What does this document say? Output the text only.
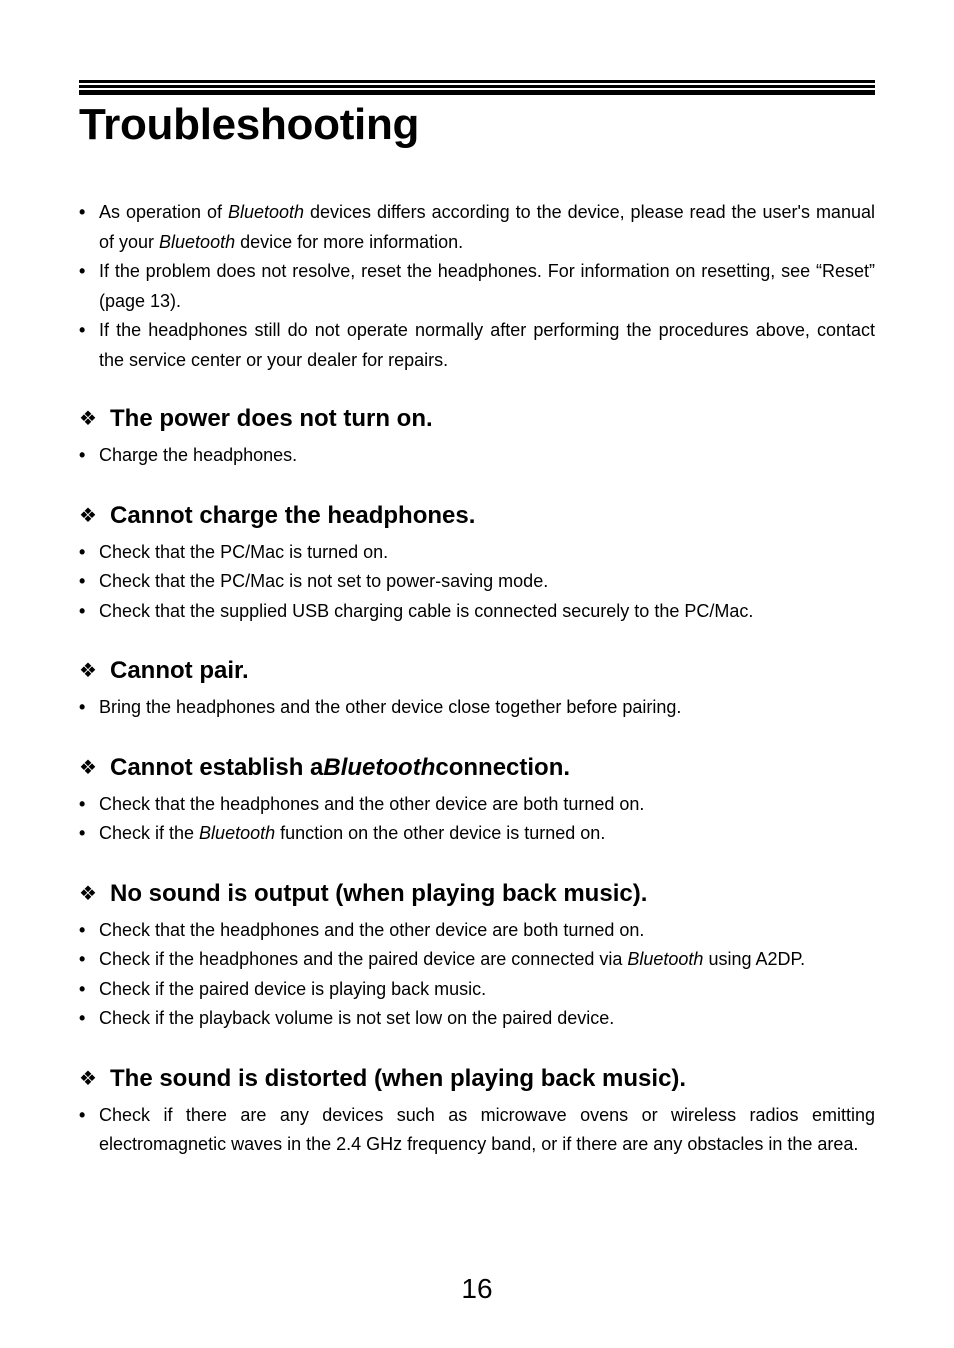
Troubleshooting
• As operation of Bluetooth devices differs according to the device, please read the user's manual of your Bluetooth device for more information.
• If the problem does not resolve, reset the headphones. For information on resetting, see “Reset” (page 13).
• If the headphones still do not operate normally after performing the procedures above, contact the service center or your dealer for repairs.
❖ The power does not turn on.
• Charge the headphones.
❖ Cannot charge the headphones.
• Check that the PC/Mac is turned on.
• Check that the PC/Mac is not set to power-saving mode.
• Check that the supplied USB charging cable is connected securely to the PC/Mac.
❖ Cannot pair.
• Bring the headphones and the other device close together before pairing.
❖ Cannot establish a Bluetooth connection.
• Check that the headphones and the other device are both turned on.
• Check if the Bluetooth function on the other device is turned on.
❖ No sound is output (when playing back music).
• Check that the headphones and the other device are both turned on.
• Check if the headphones and the paired device are connected via Bluetooth using A2DP.
• Check if the paired device is playing back music.
• Check if the playback volume is not set low on the paired device.
❖ The sound is distorted (when playing back music).
• Check if there are any devices such as microwave ovens or wireless radios emitting electromagnetic waves in the 2.4 GHz frequency band, or if there are any obstacles in the area.
16
